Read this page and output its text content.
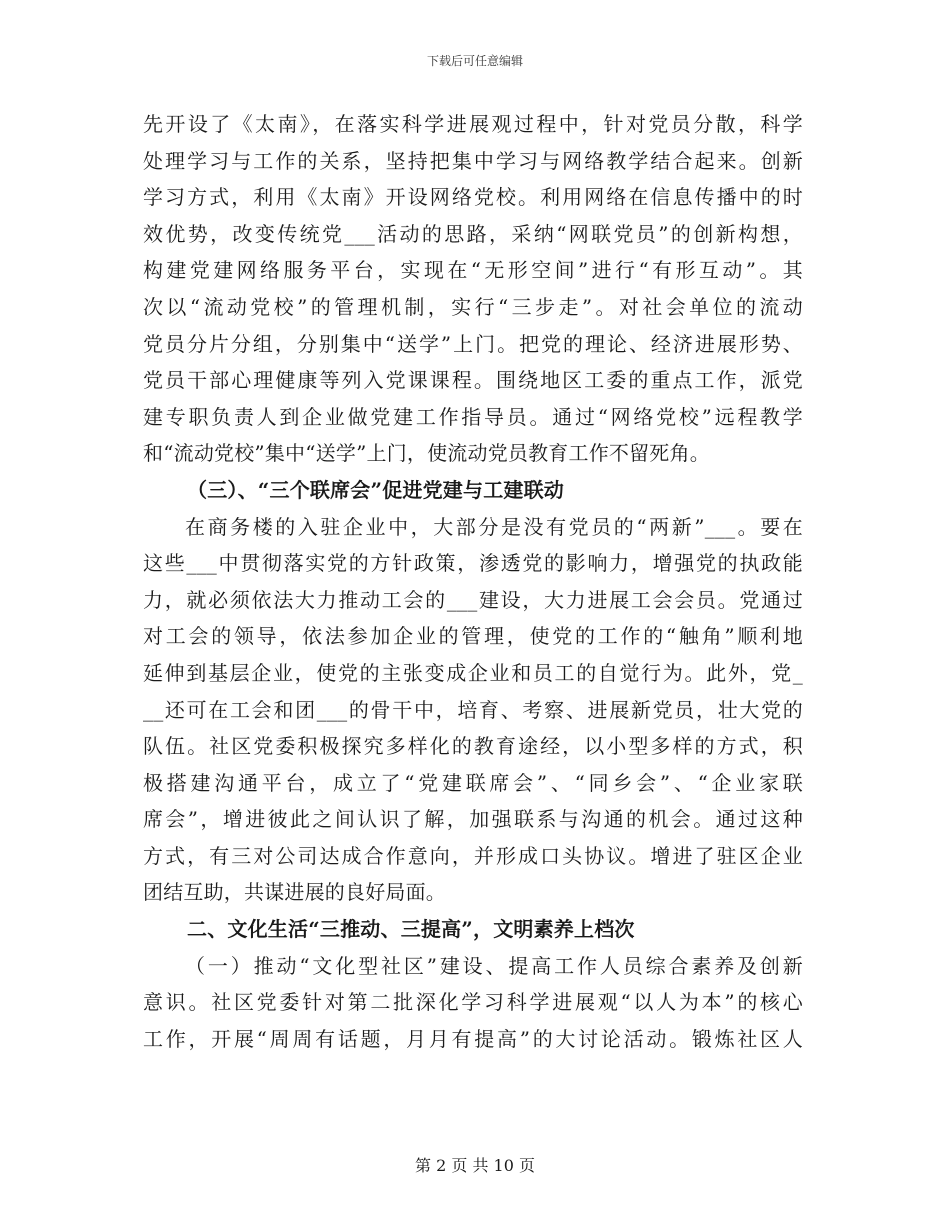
下载后可任意编辑
先开设了《太南》，在落实科学进展观过程中，针对党员分散，科学
处理学习与工作的关系，坚持把集中学习与网络教学结合起来。创新
学习方式，利用《太南》开设网络党校。利用网络在信息传播中的时
效优势，改变传统党___活动的思路，采纳“网联党员”的创新构想，
构建党建网络服务平台，实现在“无形空间”进行“有形互动”。其
次以“流动党校”的管理机制，实行“三步走”。对社会单位的流动
党员分片分组，分别集中“送学”上门。把党的理论、经济进展形势、
党员干部心理健康等列入党课课程。围绕地区工委的重点工作，派党
建专职负责人到企业做党建工作指导员。通过“网络党校”远程教学
和“流动党校”集中“送学”上门，使流动党员教育工作不留死角。
（三）、“三个联席会”促进党建与工建联动
在商务楼的入驻企业中，大部分是没有党员的“两新”___。要在
这些___中贯彻落实党的方针政策，渗透党的影响力，增强党的执政能
力，就必须依法大力推动工会的___建设，大力进展工会会员。党通过
对工会的领导，依法参加企业的管理，使党的工作的“触角”顺利地
延伸到基层企业，使党的主张变成企业和员工的自觉行为。此外，党_
__还可在工会和团___的骨干中，培育、考察、进展新党员，壮大党的
队伍。社区党委积极探究多样化的教育途经，以小型多样的方式，积
极搭建沟通平台，成立了“党建联席会”、“同乡会”、“企业家联
席会”，增进彼此之间认识了解，加强联系与沟通的机会。通过这种
方式，有三对公司达成合作意向，并形成口头协议。增进了驻区企业
团结互助，共谋进展的良好局面。
二、文化生活“三推动、三提高”，文明素养上档次
（一）推动“文化型社区”建设、提高工作人员综合素养及创新
意识。社区党委针对第二批深化学习科学进展观“以人为本”的核心
工作，开展“周周有话题，月月有提高”的大讨论活动。锻炼社区人
第 2 页 共 10 页
